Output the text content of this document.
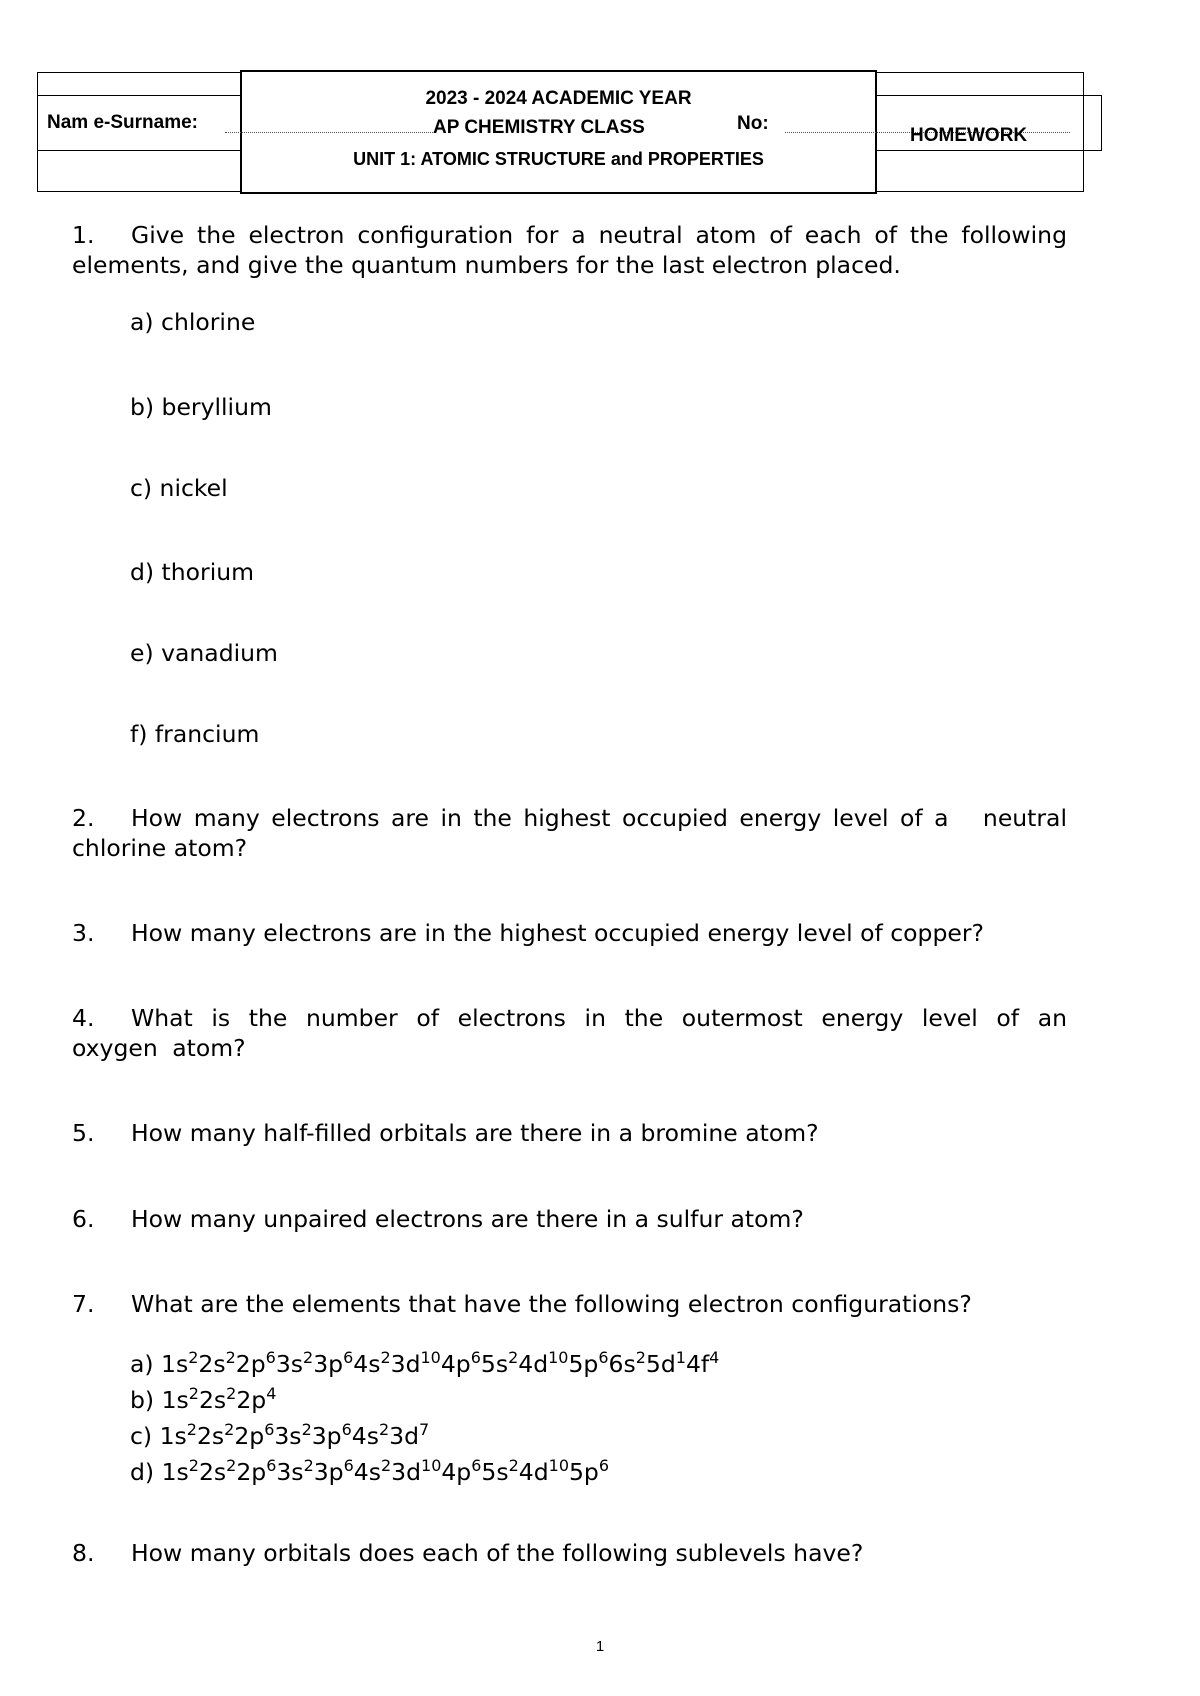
Nam e-Surname:
2023 - 2024 ACADEMIC YEAR
AP CHEMISTRY CLASS	No:
UNIT 1: ATOMIC STRUCTURE and PROPERTIES
HOMEWORK

1. Give the electron configuration for a neutral atom of each of the following elements, and give the quantum numbers for the last electron placed.

a) chlorine

b) beryllium

c) nickel

d) thorium

e) vanadium

f) francium

2. How many electrons are in the highest occupied energy level of a   neutral chlorine atom?

3. How many electrons are in the highest occupied energy level of copper?

4. What is the number of electrons in the outermost energy level of an oxygen atom?

5. How many half-filled orbitals are there in a bromine atom?

6. How many unpaired electrons are there in a sulfur atom?

7. What are the elements that have the following electron configurations?

a) $1s^22s^22p^63s^23p^64s^23d^{10}4p^65s^24d^{10}5p^66s^25d^14f^4$

b) $1s^22s^22p^4$

c) $1s^22s^22p^63s^23p^64s^23d^7$

d) $1s^22s^22p^63s^23p^64s^23d^{10}4p^65s^24d^{10}5p^6$

8. How many orbitals does each of the following sublevels have?

1
